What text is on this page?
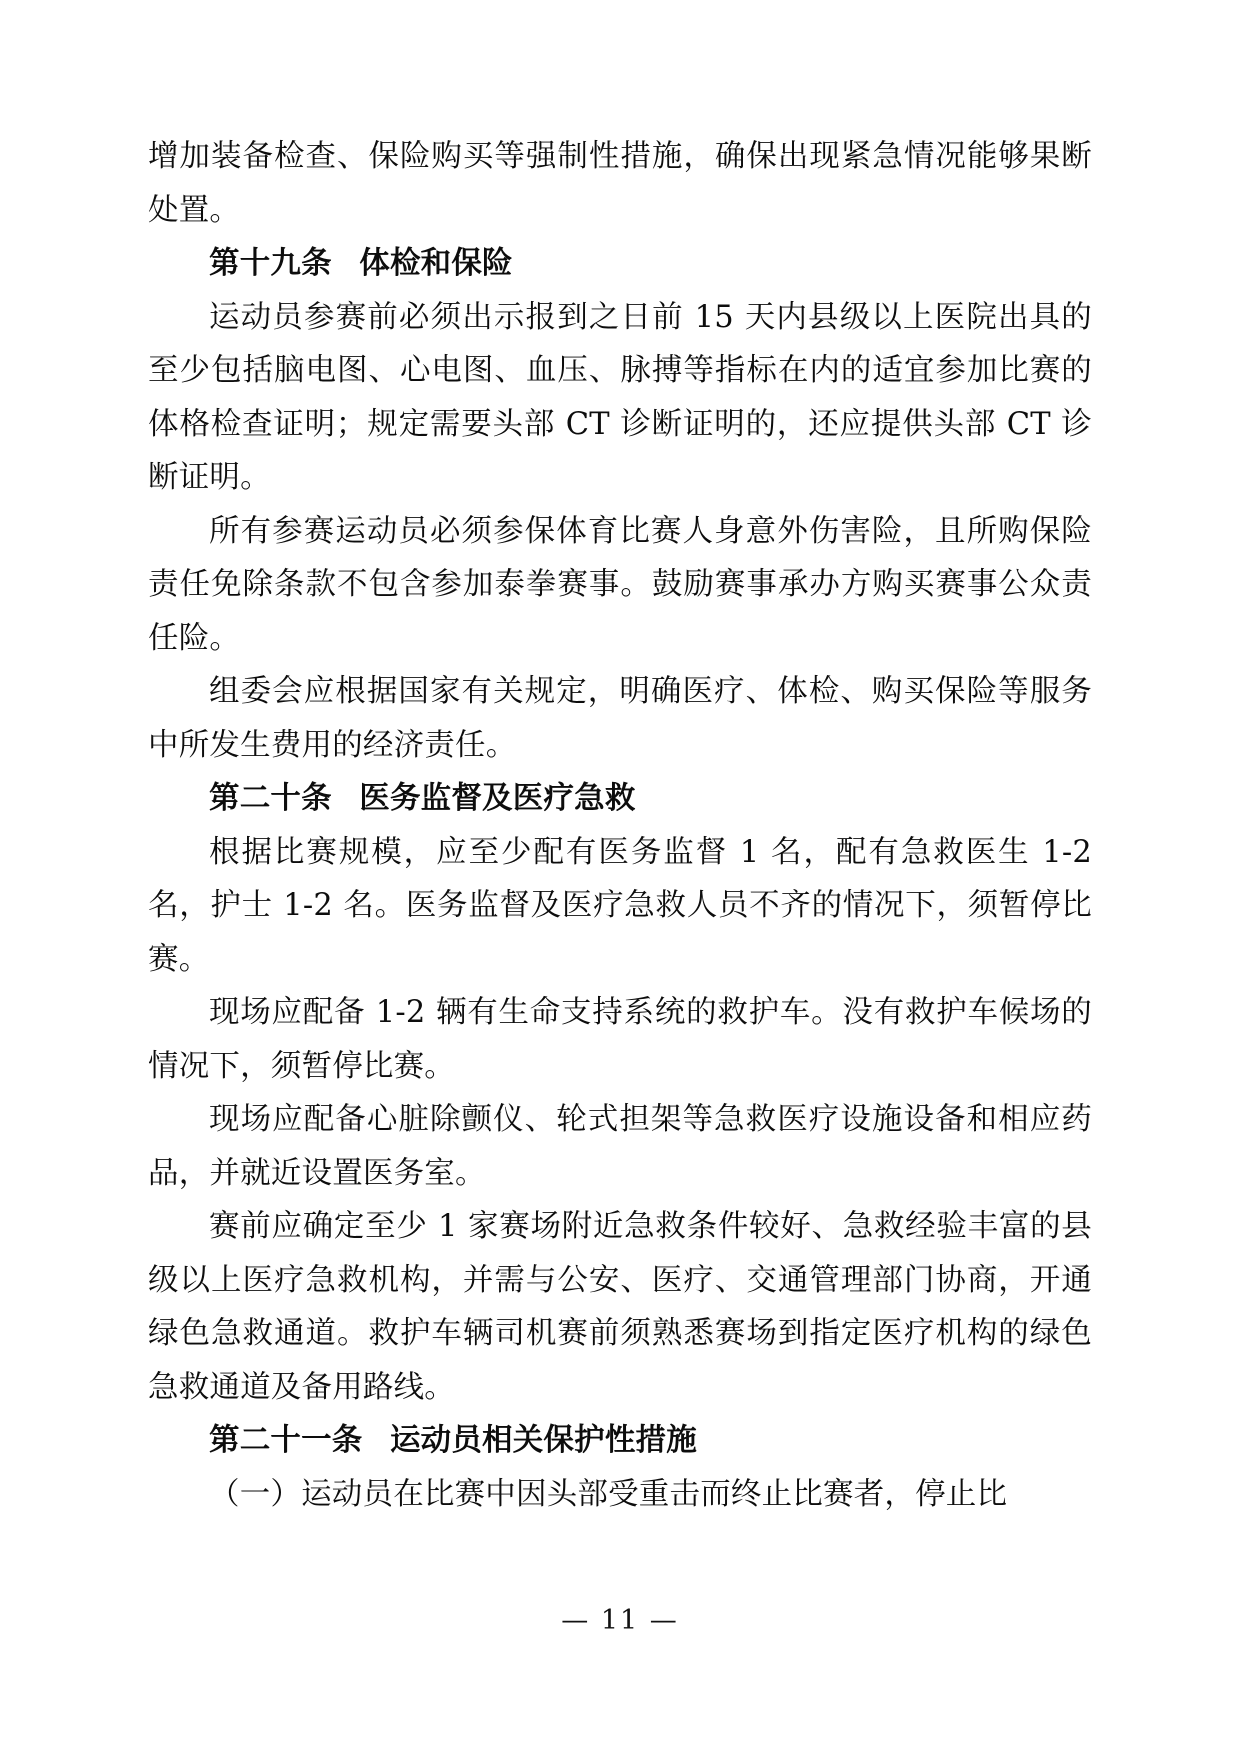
增加装备检查、保险购买等强制性措施，确保出现紧急情况能够果断处置。

第十九条 体检和保险

运动员参赛前必须出示报到之日前 15 天内县级以上医院出具的至少包括脑电图、心电图、血压、脉搏等指标在内的适宜参加比赛的体格检查证明；规定需要头部 CT 诊断证明的，还应提供头部 CT 诊断证明。

所有参赛运动员必须参保体育比赛人身意外伤害险，且所购保险责任免除条款不包含参加泰拳赛事。鼓励赛事承办方购买赛事公众责任险。

组委会应根据国家有关规定，明确医疗、体检、购买保险等服务中所发生费用的经济责任。

第二十条 医务监督及医疗急救

根据比赛规模，应至少配有医务监督 1 名，配有急救医生 1-2 名，护士 1-2 名。医务监督及医疗急救人员不齐的情况下，须暂停比赛。

现场应配备 1-2 辆有生命支持系统的救护车。没有救护车候场的情况下，须暂停比赛。

现场应配备心脏除颤仪、轮式担架等急救医疗设施设备和相应药品，并就近设置医务室。

赛前应确定至少 1 家赛场附近急救条件较好、急救经验丰富的县级以上医疗急救机构，并需与公安、医疗、交通管理部门协商，开通绿色急救通道。救护车辆司机赛前须熟悉赛场到指定医疗机构的绿色急救通道及备用路线。

第二十一条 运动员相关保护性措施

（一）运动员在比赛中因头部受重击而终止比赛者，停止比

— 11 —
